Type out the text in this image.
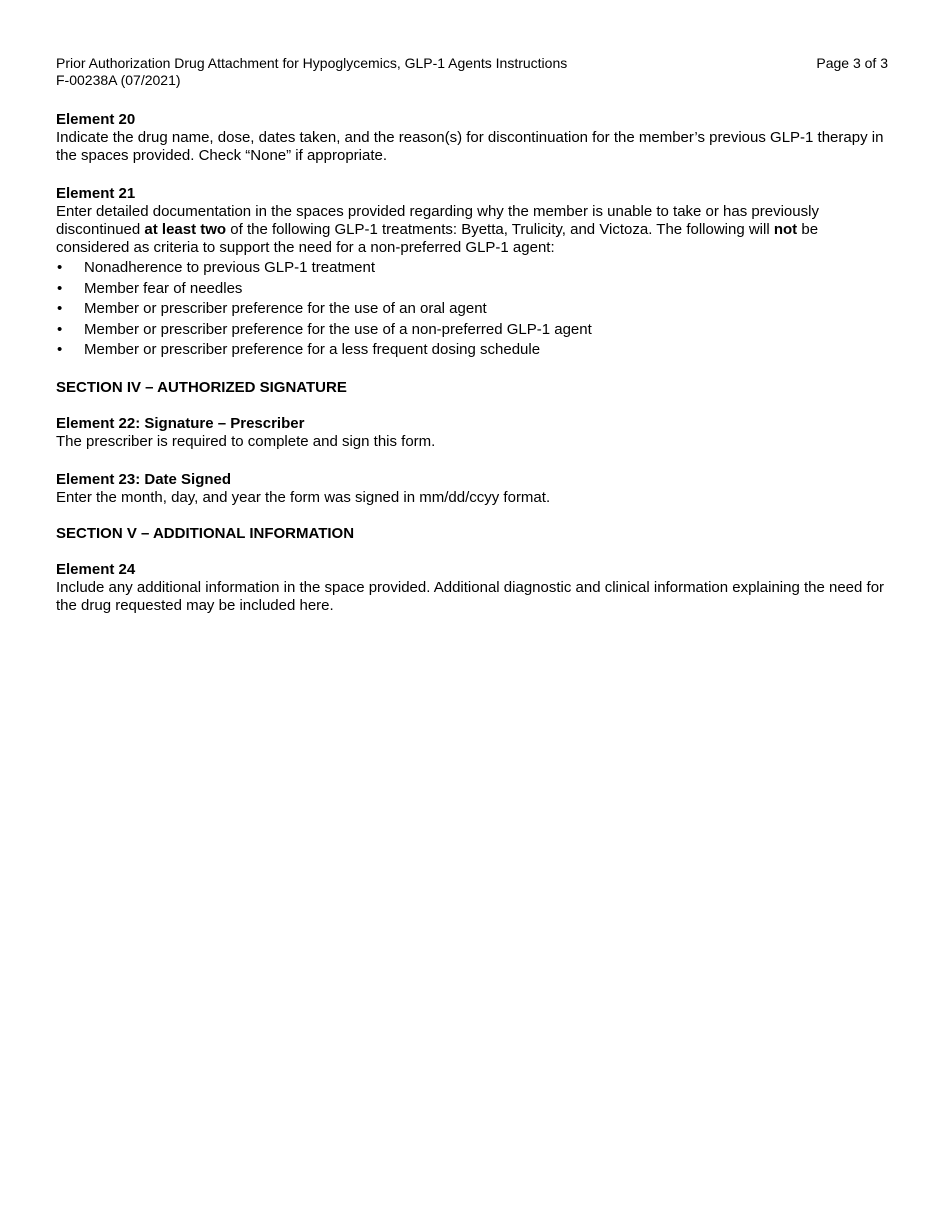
Prior Authorization Drug Attachment for Hypoglycemics, GLP-1 Agents Instructions
F-00238A (07/2021)
Page 3 of 3

Element 20

Indicate the drug name, dose, dates taken, and the reason(s) for discontinuation for the member’s previous GLP-1 therapy in the spaces provided. Check “None” if appropriate.

Element 21

Enter detailed documentation in the spaces provided regarding why the member is unable to take or has previously discontinued at least two of the following GLP-1 treatments: Byetta, Trulicity, and Victoza. The following will not be considered as criteria to support the need for a non-preferred GLP-1 agent:

• Nonadherence to previous GLP-1 treatment
• Member fear of needles
• Member or prescriber preference for the use of an oral agent
• Member or prescriber preference for the use of a non-preferred GLP-1 agent
• Member or prescriber preference for a less frequent dosing schedule

SECTION IV – AUTHORIZED SIGNATURE

Element 22: Signature – Prescriber

The prescriber is required to complete and sign this form.

Element 23: Date Signed

Enter the month, day, and year the form was signed in mm/dd/ccyy format.

SECTION V – ADDITIONAL INFORMATION

Element 24

Include any additional information in the space provided. Additional diagnostic and clinical information explaining the need for the drug requested may be included here.
